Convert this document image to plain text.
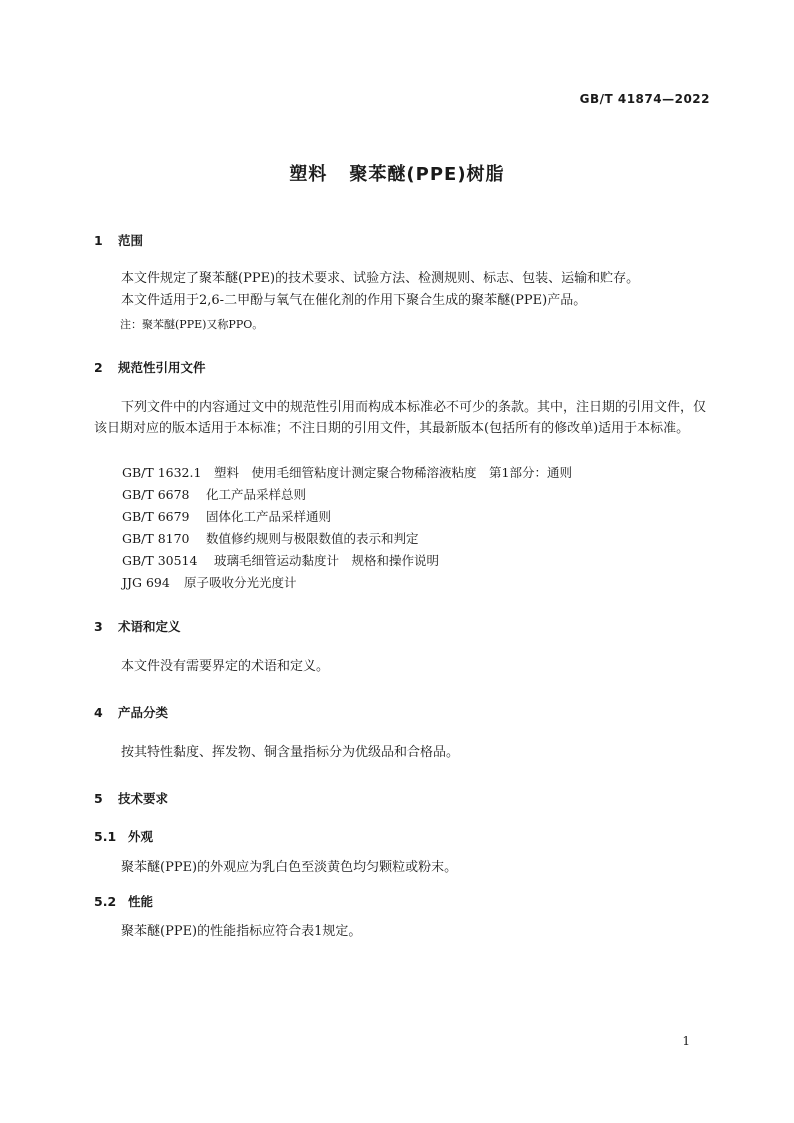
GB/T 41874—2022
塑料 聚苯醚(PPE)树脂
1 范围
本文件规定了聚苯醚(PPE)的技术要求、试验方法、检测规则、标志、包装、运输和贮存。
本文件适用于2,6-二甲酚与氧气在催化剂的作用下聚合生成的聚苯醚(PPE)产品。
注：聚苯醚(PPE)又称PPO。
2 规范性引用文件
下列文件中的内容通过文中的规范性引用而构成本标准必不可少的条款。其中，注日期的引用文件，仅该日期对应的版本适用于本标准；不注日期的引用文件，其最新版本(包括所有的修改单)适用于本标准。
GB/T 1632.1 塑料　使用毛细管粘度计测定聚合物稀溶液粘度　第1部分：通则
GB/T 6678 化工产品采样总则
GB/T 6679 固体化工产品采样通则
GB/T 8170 数值修约规则与极限数值的表示和判定
GB/T 30514 玻璃毛细管运动黏度计　规格和操作说明
JJG 694 原子吸收分光光度计
3 术语和定义
本文件没有需要界定的术语和定义。
4 产品分类
按其特性黏度、挥发物、铜含量指标分为优级品和合格品。
5 技术要求
5.1 外观
聚苯醚(PPE)的外观应为乳白色至淡黄色均匀颗粒或粉末。
5.2 性能
聚苯醚(PPE)的性能指标应符合表1规定。
1
